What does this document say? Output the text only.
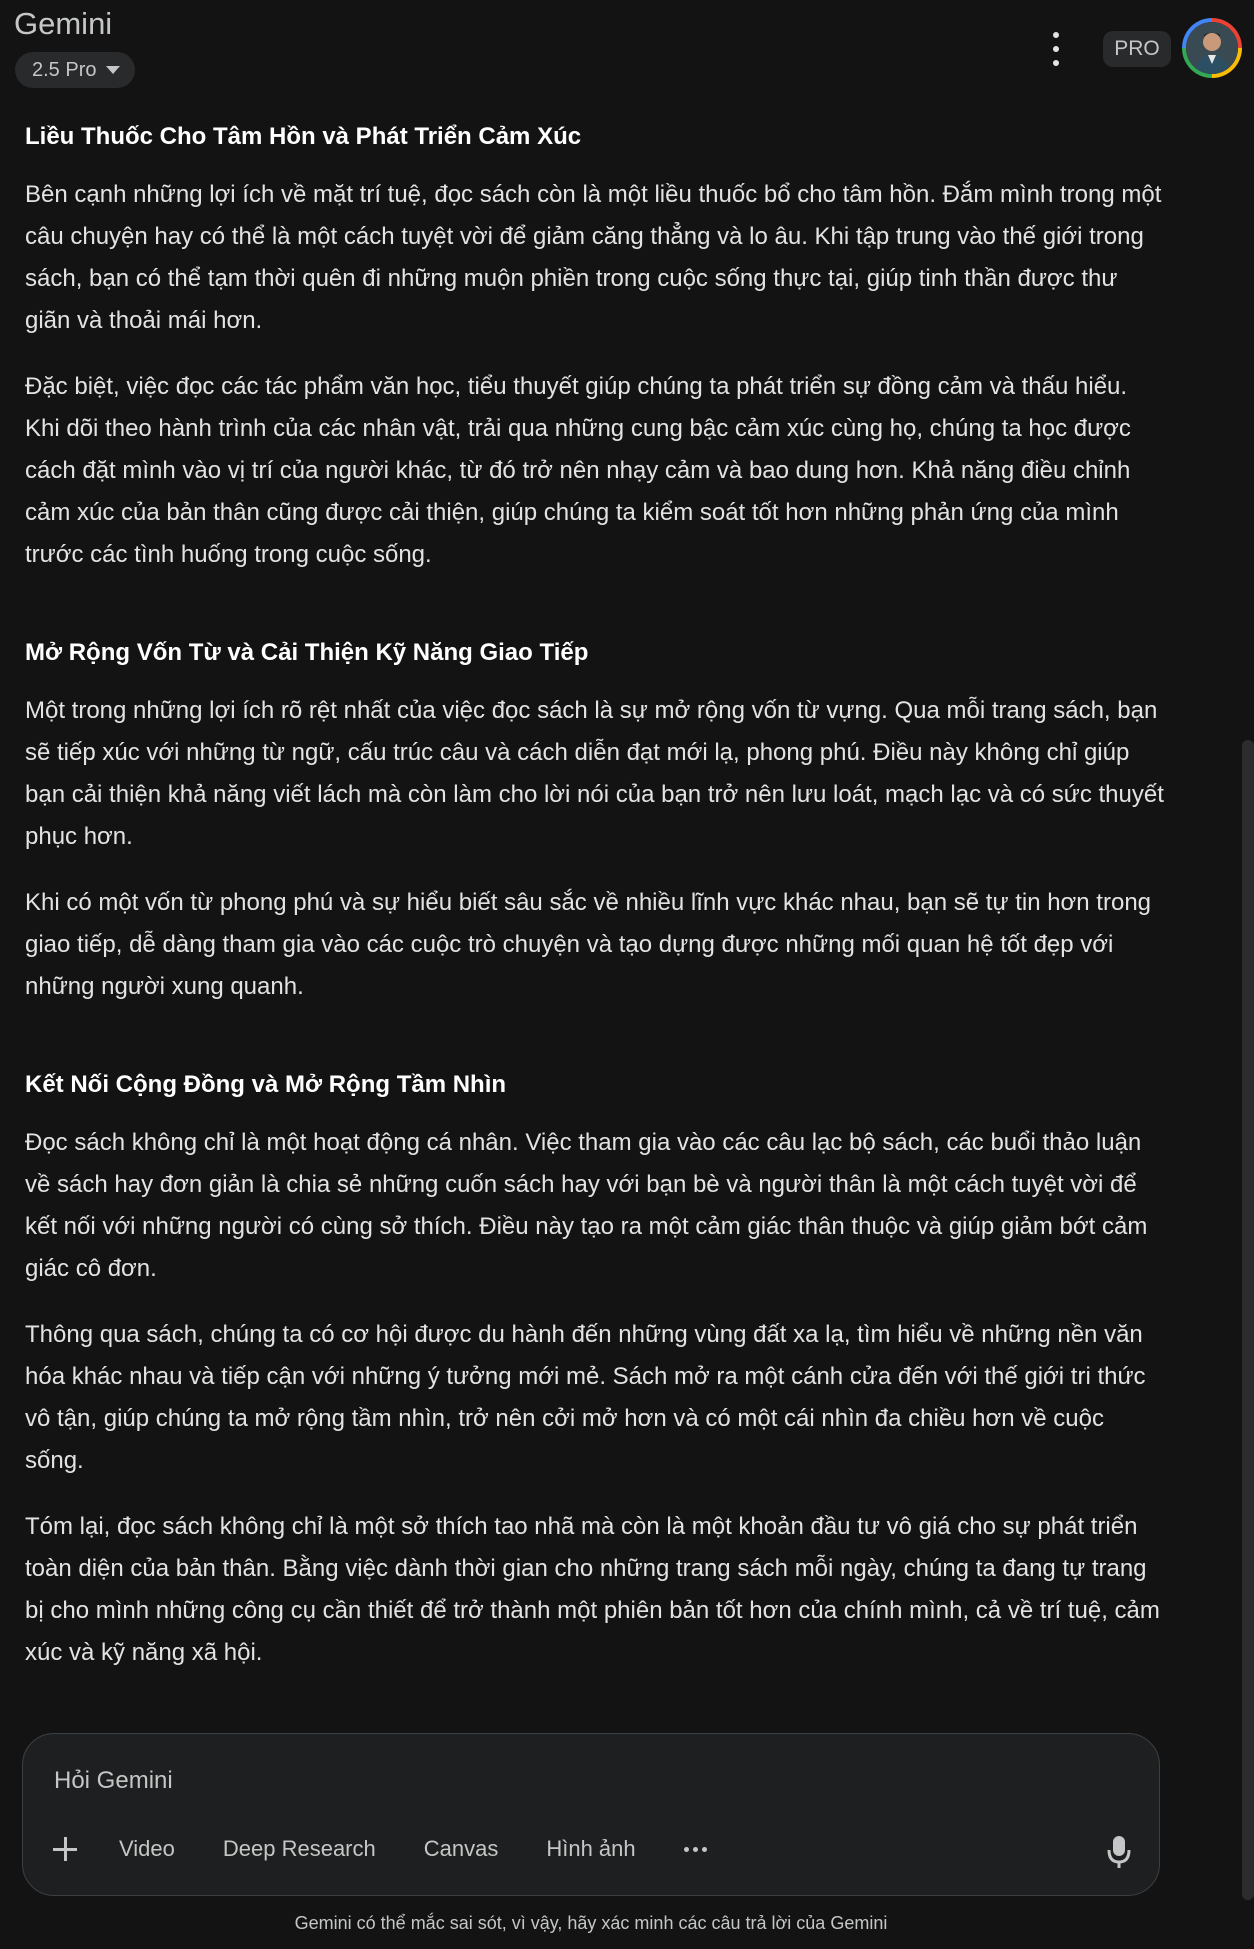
Gemini
2.5 Pro
PRO
Liều Thuốc Cho Tâm Hồn và Phát Triển Cảm Xúc

Bên cạnh những lợi ích về mặt trí tuệ, đọc sách còn là một liều thuốc bổ cho tâm hồn. Đắm mình trong một câu chuyện hay có thể là một cách tuyệt vời để giảm căng thẳng và lo âu. Khi tập trung vào thế giới trong sách, bạn có thể tạm thời quên đi những muộn phiền trong cuộc sống thực tại, giúp tinh thần được thư giãn và thoải mái hơn.

Đặc biệt, việc đọc các tác phẩm văn học, tiểu thuyết giúp chúng ta phát triển sự đồng cảm và thấu hiểu. Khi dõi theo hành trình của các nhân vật, trải qua những cung bậc cảm xúc cùng họ, chúng ta học được cách đặt mình vào vị trí của người khác, từ đó trở nên nhạy cảm và bao dung hơn. Khả năng điều chỉnh cảm xúc của bản thân cũng được cải thiện, giúp chúng ta kiểm soát tốt hơn những phản ứng của mình trước các tình huống trong cuộc sống.

Mở Rộng Vốn Từ và Cải Thiện Kỹ Năng Giao Tiếp

Một trong những lợi ích rõ rệt nhất của việc đọc sách là sự mở rộng vốn từ vựng. Qua mỗi trang sách, bạn sẽ tiếp xúc với những từ ngữ, cấu trúc câu và cách diễn đạt mới lạ, phong phú. Điều này không chỉ giúp bạn cải thiện khả năng viết lách mà còn làm cho lời nói của bạn trở nên lưu loát, mạch lạc và có sức thuyết phục hơn.

Khi có một vốn từ phong phú và sự hiểu biết sâu sắc về nhiều lĩnh vực khác nhau, bạn sẽ tự tin hơn trong giao tiếp, dễ dàng tham gia vào các cuộc trò chuyện và tạo dựng được những mối quan hệ tốt đẹp với những người xung quanh.

Kết Nối Cộng Đồng và Mở Rộng Tầm Nhìn

Đọc sách không chỉ là một hoạt động cá nhân. Việc tham gia vào các câu lạc bộ sách, các buổi thảo luận về sách hay đơn giản là chia sẻ những cuốn sách hay với bạn bè và người thân là một cách tuyệt vời để kết nối với những người có cùng sở thích. Điều này tạo ra một cảm giác thân thuộc và giúp giảm bớt cảm giác cô đơn.

Thông qua sách, chúng ta có cơ hội được du hành đến những vùng đất xa lạ, tìm hiểu về những nền văn hóa khác nhau và tiếp cận với những ý tưởng mới mẻ. Sách mở ra một cánh cửa đến với thế giới tri thức vô tận, giúp chúng ta mở rộng tầm nhìn, trở nên cởi mở hơn và có một cái nhìn đa chiều hơn về cuộc sống.

Tóm lại, đọc sách không chỉ là một sở thích tao nhã mà còn là một khoản đầu tư vô giá cho sự phát triển toàn diện của bản thân. Bằng việc dành thời gian cho những trang sách mỗi ngày, chúng ta đang tự trang bị cho mình những công cụ cần thiết để trở thành một phiên bản tốt hơn của chính mình, cả về trí tuệ, cảm xúc và kỹ năng xã hội.

Hỏi Gemini
Video Deep Research Canvas Hình ảnh
Gemini có thể mắc sai sót, vì vậy, hãy xác minh các câu trả lời của Gemini
